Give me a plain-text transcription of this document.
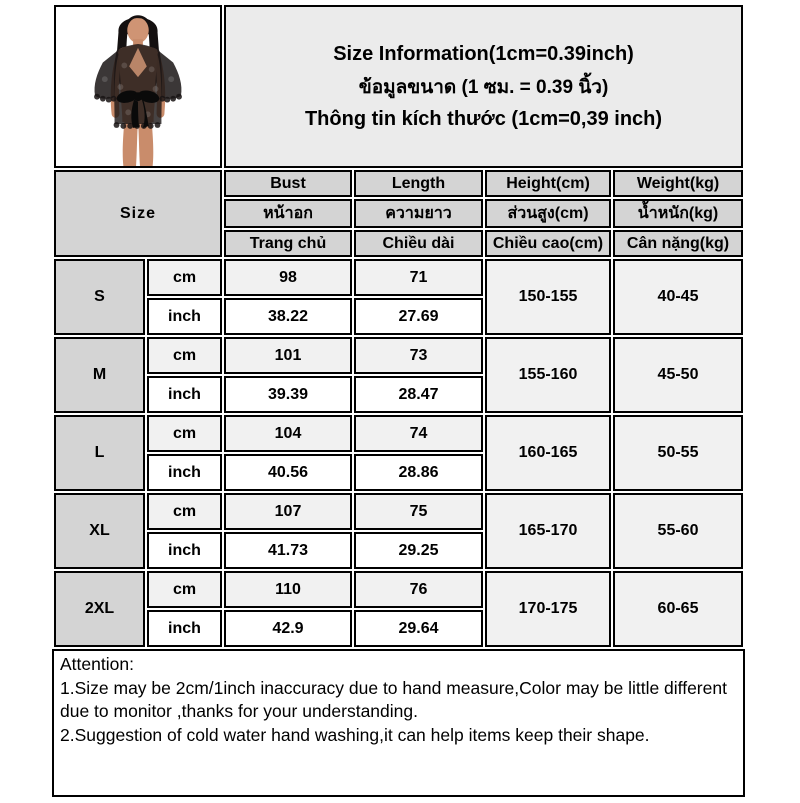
Size Information(1cm=0.39inch)
ข้อมูลขนาด (1 ซม. = 0.39 นิ้ว)
Thông tin kích thước (1cm=0,39 inch)			

Size		Bust	Length	Height(cm)	Weight(kg)
		หน้าอก	ความยาว	ส่วนสูง(cm)	น้ำหนัก(kg)
		Trang chủ	Chiều dài	Chiều cao(cm)	Cân nặng(kg)
S	cm	98	71	150-155	40-45
	inch	38.22	27.69		
M	cm	101	73	155-160	45-50
	inch	39.39	28.47		
L	cm	104	74	160-165	50-55
	inch	40.56	28.86		
XL	cm	107	75	165-170	55-60
	inch	41.73	29.25		
2XL	cm	110	76	170-175	60-65
	inch	42.9	29.64		
Attention:
1.Size may be 2cm/1inch inaccuracy due to hand measure,Color may be little different due to monitor ,thanks for your understanding.
2.Suggestion of cold water hand washing,it can help items keep their shape.
